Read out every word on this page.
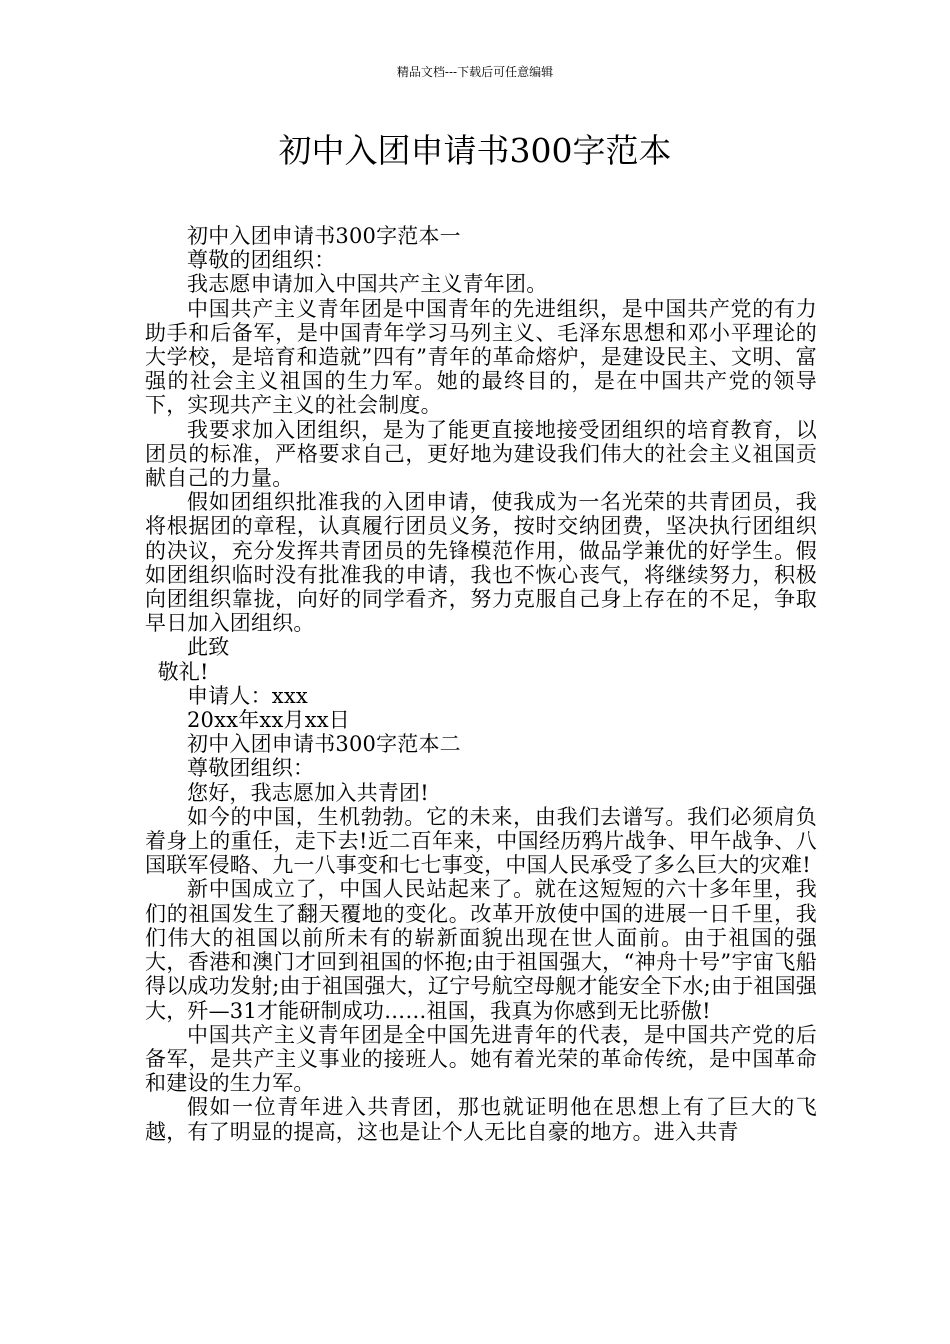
精品文档---下载后可任意编辑
初中入团申请书300字范本

初中入团申请书300字范本一

尊敬的团组织：

我志愿申请加入中国共产主义青年团。

中国共产主义青年团是中国青年的先进组织，是中国共产党的有力助手和后备军，是中国青年学习马列主义、毛泽东思想和邓小平理论的大学校，是培育和造就”四有”青年的革命熔炉，是建设民主、文明、富强的社会主义祖国的生力军。她的最终目的，是在中国共产党的领导下，实现共产主义的社会制度。

我要求加入团组织，是为了能更直接地接受团组织的培育教育，以团员的标准，严格要求自己，更好地为建设我们伟大的社会主义祖国贡献自己的力量。

假如团组织批准我的入团申请，使我成为一名光荣的共青团员，我将根据团的章程，认真履行团员义务，按时交纳团费，坚决执行团组织的决议，充分发挥共青团员的先锋模范作用，做品学兼优的好学生。假如团组织临时没有批准我的申请，我也不恢心丧气，将继续努力，积极向团组织靠拢，向好的同学看齐，努力克服自己身上存在的不足，争取早日加入团组织。

此致

敬礼!

申请人：xxx

20xx年xx月xx日

初中入团申请书300字范本二

尊敬团组织：

您好，我志愿加入共青团!

如今的中国，生机勃勃。它的未来，由我们去谱写。我们必须肩负着身上的重任，走下去!近二百年来，中国经历鸦片战争、甲午战争、八国联军侵略、九一八事变和七七事变，中国人民承受了多么巨大的灾难!

新中国成立了，中国人民站起来了。就在这短短的六十多年里，我们的祖国发生了翻天覆地的变化。改革开放使中国的进展一日千里，我们伟大的祖国以前所未有的崭新面貌出现在世人面前。由于祖国的强大，香港和澳门才回到祖国的怀抱;由于祖国强大，“神舟十号”宇宙飞船得以成功发射;由于祖国强大，辽宁号航空母舰才能安全下水;由于祖国强大，歼—31才能研制成功……祖国，我真为你感到无比骄傲!

中国共产主义青年团是全中国先进青年的代表，是中国共产党的后备军，是共产主义事业的接班人。她有着光荣的革命传统，是中国革命和建设的生力军。

假如一位青年进入共青团，那也就证明他在思想上有了巨大的飞越，有了明显的提高，这也是让个人无比自豪的地方。进入共青
